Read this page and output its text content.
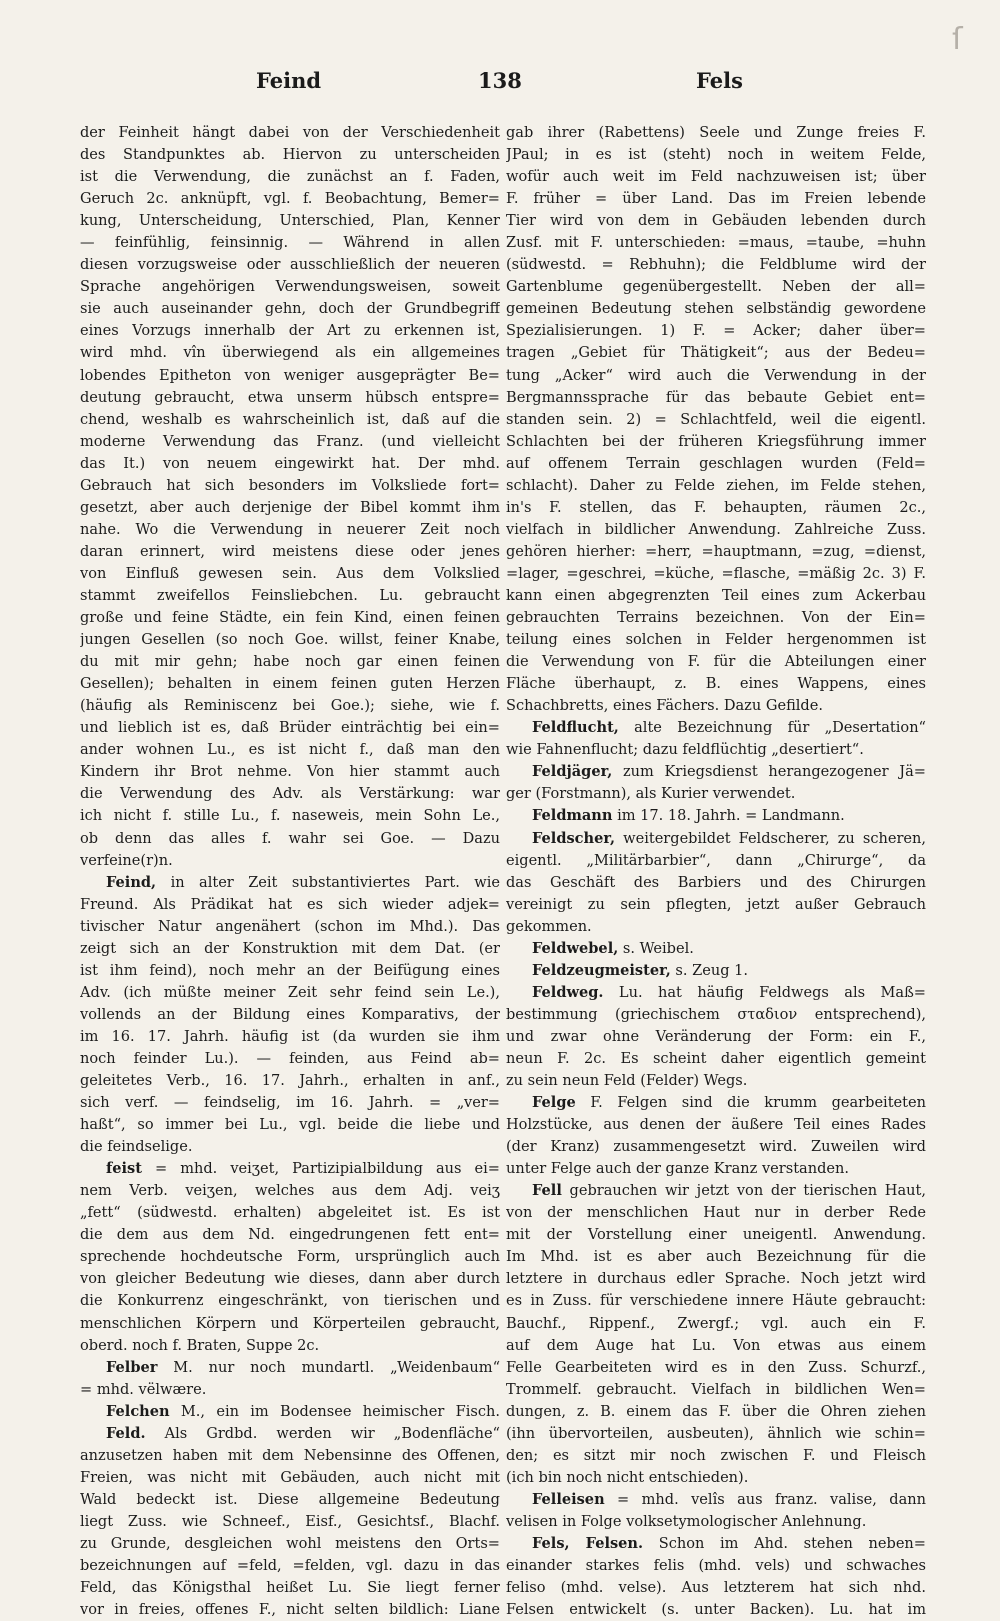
ſ
Feind	138	Fels
der Feinheit hängt dabei von der Verschiedenheit
des Standpunktes ab. Hiervon zu unterscheiden
ist die Verwendung, die zunächst an f. Faden,
Geruch 2c. anknüpft, vgl. f. Beobachtung, Bemer=
kung, Unterscheidung, Unterschied, Plan, Kenner
— feinfühlig, feinsinnig. — Während in allen
diesen vorzugsweise oder ausschließlich der neueren
Sprache angehörigen Verwendungsweisen, soweit
sie auch auseinander gehn, doch der Grundbegriff
eines Vorzugs innerhalb der Art zu erkennen ist,
wird mhd. vîn überwiegend als ein allgemeines
lobendes Epitheton von weniger ausgeprägter Be=
deutung gebraucht, etwa unserm hübsch entspre=
chend, weshalb es wahrscheinlich ist, daß auf die
moderne Verwendung das Franz. (und vielleicht
das It.) von neuem eingewirkt hat. Der mhd.
Gebrauch hat sich besonders im Volksliede fort=
gesetzt, aber auch derjenige der Bibel kommt ihm
nahe. Wo die Verwendung in neuerer Zeit noch
daran erinnert, wird meistens diese oder jenes
von Einfluß gewesen sein. Aus dem Volkslied
stammt zweifellos Feinsliebchen. Lu. gebraucht
große und feine Städte, ein fein Kind, einen feinen
jungen Gesellen (so noch Goe. willst, feiner Knabe,
du mit mir gehn; habe noch gar einen feinen
Gesellen); behalten in einem feinen guten Herzen
(häufig als Reminiscenz bei Goe.); siehe, wie f.
und lieblich ist es, daß Brüder einträchtig bei ein=
ander wohnen Lu., es ist nicht f., daß man den
Kindern ihr Brot nehme. Von hier stammt auch
die Verwendung des Adv. als Verstärkung: war
ich nicht f. stille Lu., f. naseweis, mein Sohn Le.,
ob denn das alles f. wahr sei Goe. — Dazu
verfeine(r)n.
Feind, in alter Zeit substantiviertes Part. wie
Freund. Als Prädikat hat es sich wieder adjek=
tivischer Natur angenähert (schon im Mhd.). Das
zeigt sich an der Konstruktion mit dem Dat. (er
ist ihm feind), noch mehr an der Beifügung eines
Adv. (ich müßte meiner Zeit sehr feind sein Le.),
vollends an der Bildung eines Komparativs, der
im 16. 17. Jahrh. häufig ist (da wurden sie ihm
noch feinder Lu.). — feinden, aus Feind ab=
geleitetes Verb., 16. 17. Jahrh., erhalten in anf.,
sich verf. — feindselig, im 16. Jahrh. = „ver=
haßt“, so immer bei Lu., vgl. beide die liebe und
die feindselige.
feist = mhd. veiʒet, Partizipialbildung aus ei=
nem Verb. veiʒen, welches aus dem Adj. veiʒ
„fett“ (südwestd. erhalten) abgeleitet ist. Es ist
die dem aus dem Nd. eingedrungenen fett ent=
sprechende hochdeutsche Form, ursprünglich auch
von gleicher Bedeutung wie dieses, dann aber durch
die Konkurrenz eingeschränkt, von tierischen und
menschlichen Körpern und Körperteilen gebraucht,
oberd. noch f. Braten, Suppe 2c.
Felber M. nur noch mundartl. „Weidenbaum“
= mhd. vëlwære.
Felchen M., ein im Bodensee heimischer Fisch.
Feld. Als Grdbd. werden wir „Bodenfläche“
anzusetzen haben mit dem Nebensinne des Offenen,
Freien, was nicht mit Gebäuden, auch nicht mit
Wald bedeckt ist. Diese allgemeine Bedeutung
liegt Zuss. wie Schneef., Eisf., Gesichtsf., Blachf.
zu Grunde, desgleichen wohl meistens den Orts=
bezeichnungen auf =feld, =felden, vgl. dazu in das
Feld, das Königsthal heißet Lu. Sie liegt ferner
vor in freies, offenes F., nicht selten bildlich: Liane
gab ihrer (Rabettens) Seele und Zunge freies F.
JPaul; in es ist (steht) noch in weitem Felde,
wofür auch weit im Feld nachzuweisen ist; über
F. früher = über Land. Das im Freien lebende
Tier wird von dem in Gebäuden lebenden durch
Zusf. mit F. unterschieden: =maus, =taube, =huhn
(südwestd. = Rebhuhn); die Feldblume wird der
Gartenblume gegenübergestellt. Neben der all=
gemeinen Bedeutung stehen selbständig gewordene
Spezialisierungen. 1) F. = Acker; daher über=
tragen „Gebiet für Thätigkeit“; aus der Bedeu=
tung „Acker“ wird auch die Verwendung in der
Bergmannssprache für das bebaute Gebiet ent=
standen sein. 2) = Schlachtfeld, weil die eigentl.
Schlachten bei der früheren Kriegsführung immer
auf offenem Terrain geschlagen wurden (Feld=
schlacht). Daher zu Felde ziehen, im Felde stehen,
in's F. stellen, das F. behaupten, räumen 2c.,
vielfach in bildlicher Anwendung. Zahlreiche Zuss.
gehören hierher: =herr, =hauptmann, =zug, =dienst,
=lager, =geschrei, =küche, =flasche, =mäßig 2c. 3) F.
kann einen abgegrenzten Teil eines zum Ackerbau
gebrauchten Terrains bezeichnen. Von der Ein=
teilung eines solchen in Felder hergenommen ist
die Verwendung von F. für die Abteilungen einer
Fläche überhaupt, z. B. eines Wappens, eines
Schachbretts, eines Fächers. Dazu Gefilde.
Feldflucht, alte Bezeichnung für „Desertation“
wie Fahnenflucht; dazu feldflüchtig „desertiert“.
Feldjäger, zum Kriegsdienst herangezogener Jä=
ger (Forstmann), als Kurier verwendet.
Feldmann im 17. 18. Jahrh. = Landmann.
Feldscher, weitergebildet Feldscherer, zu scheren,
eigentl. „Militärbarbier“, dann „Chirurge“, da
das Geschäft des Barbiers und des Chirurgen
vereinigt zu sein pflegten, jetzt außer Gebrauch
gekommen.
Feldwebel, s. Weibel.
Feldzeugmeister, s. Zeug 1.
Feldweg. Lu. hat häufig Feldwegs als Maß=
bestimmung (griechischem σταδιον entsprechend),
und zwar ohne Veränderung der Form: ein F.,
neun F. 2c. Es scheint daher eigentlich gemeint
zu sein neun Feld (Felder) Wegs.
Felge F. Felgen sind die krumm gearbeiteten
Holzstücke, aus denen der äußere Teil eines Rades
(der Kranz) zusammengesetzt wird. Zuweilen wird
unter Felge auch der ganze Kranz verstanden.
Fell gebrauchen wir jetzt von der tierischen Haut,
von der menschlichen Haut nur in derber Rede
mit der Vorstellung einer uneigentl. Anwendung.
Im Mhd. ist es aber auch Bezeichnung für die
letztere in durchaus edler Sprache. Noch jetzt wird
es in Zuss. für verschiedene innere Häute gebraucht:
Bauchf., Rippenf., Zwergf.; vgl. auch ein F.
auf dem Auge hat Lu. Von etwas aus einem
Felle Gearbeiteten wird es in den Zuss. Schurzf.,
Trommelf. gebraucht. Vielfach in bildlichen Wen=
dungen, z. B. einem das F. über die Ohren ziehen
(ihn übervorteilen, ausbeuten), ähnlich wie schin=
den; es sitzt mir noch zwischen F. und Fleisch
(ich bin noch nicht entschieden).
Felleisen = mhd. velîs aus franz. valise, dann
velisen in Folge volksetymologischer Anlehnung.
Fels, Felsen. Schon im Ahd. stehen neben=
einander starkes felis (mhd. vels) und schwaches
feliso (mhd. velse). Aus letzterem hat sich nhd.
Felsen entwickelt (s. unter Backen). Lu. hat im
